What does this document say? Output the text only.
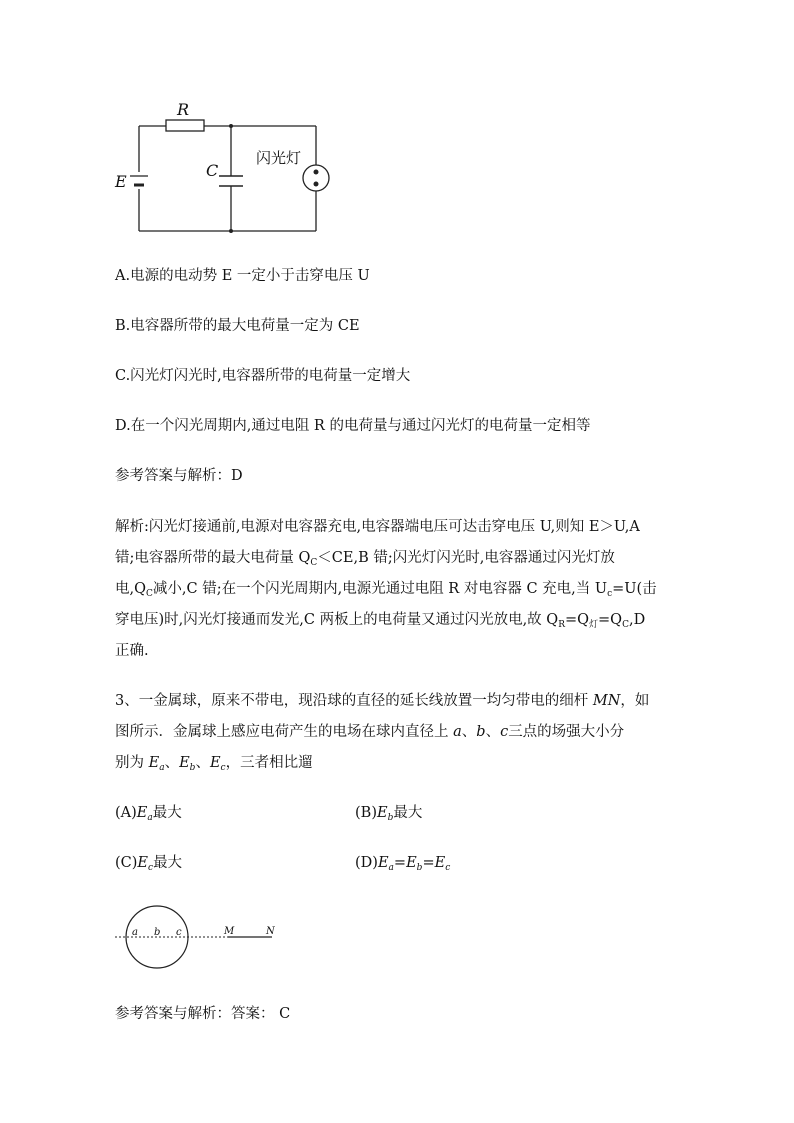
R
E
C
闪光灯
A.电源的电动势 E 一定小于击穿电压 U
B.电容器所带的最大电荷量一定为 CE
C.闪光灯闪光时,电容器所带的电荷量一定增大
D.在一个闪光周期内,通过电阻 R 的电荷量与通过闪光灯的电荷量一定相等
参考答案与解析：D
解析:闪光灯接通前,电源对电容器充电,电容器端电压可达击穿电压 U,则知 E＞U,A
错;电容器所带的最大电荷量 $Q_C<CE,B$ 错;闪光灯闪光时,电容器通过闪光灯放
电$,Q_C$减小,C 错;在一个闪光周期内,电源光通过电阻 R 对电容器 C 充电,当 $U_c=U$(击
穿电压)时,闪光灯接通而发光,C 两板上的电荷量又通过闪光放电,故 $Q_R=Q_灯=Q_C,D$
正确.
3、一金属球，原来不带电，现沿球的直径的延长线放置一均匀带电的细杆 MN，如
图所示．金属球上感应电荷产生的电场在球内直径上 a、b、c三点的场强大小分
别为 $E_a$、$E_b$、$E_c$，三者相比遛
$(A)E_a$最大	$(B)E_b$最大
$(C)E_c$最大	$(D)E_a=E_b=E_c$
a b c	M	N
参考答案与解析：答案： C
